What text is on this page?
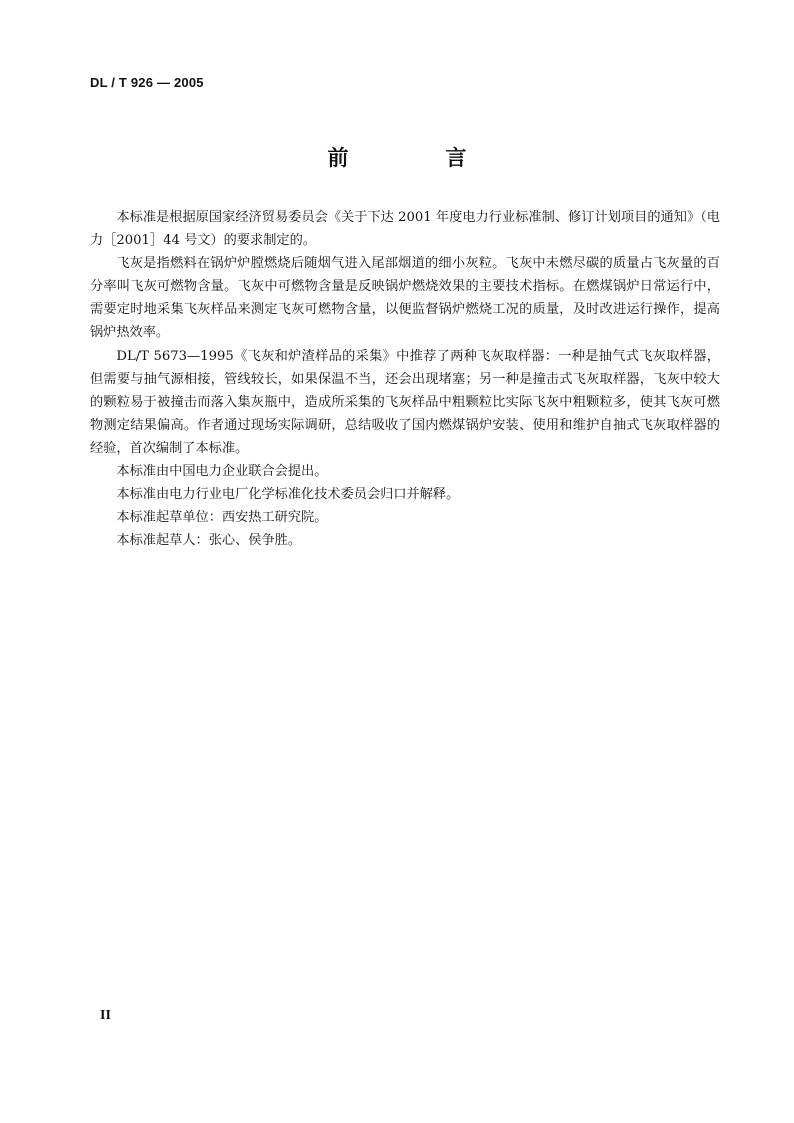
DL / T 926 — 2005
前　言

本标准是根据原国家经济贸易委员会《关于下达 2001 年度电力行业标准制、修订计划项目的通知》（电力［2001］44 号文）的要求制定的。

飞灰是指燃料在锅炉炉膛燃烧后随烟气进入尾部烟道的细小灰粒。飞灰中未燃尽碳的质量占飞灰量的百分率叫飞灰可燃物含量。飞灰中可燃物含量是反映锅炉燃烧效果的主要技术指标。在燃煤锅炉日常运行中，需要定时地采集飞灰样品来测定飞灰可燃物含量，以便监督锅炉燃烧工况的质量，及时改进运行操作，提高锅炉热效率。

DL/T 5673—1995《飞灰和炉渣样品的采集》中推荐了两种飞灰取样器：一种是抽气式飞灰取样器，但需要与抽气源相接，管线较长，如果保温不当，还会出现堵塞；另一种是撞击式飞灰取样器，飞灰中较大的颗粒易于被撞击而落入集灰瓶中，造成所采集的飞灰样品中粗颗粒比实际飞灰中粗颗粒多，使其飞灰可燃物测定结果偏高。作者通过现场实际调研，总结吸收了国内燃煤锅炉安装、使用和维护自抽式飞灰取样器的经验，首次编制了本标准。

本标准由中国电力企业联合会提出。

本标准由电力行业电厂化学标准化技术委员会归口并解释。

本标准起草单位：西安热工研究院。

本标准起草人：张心、侯争胜。

II
